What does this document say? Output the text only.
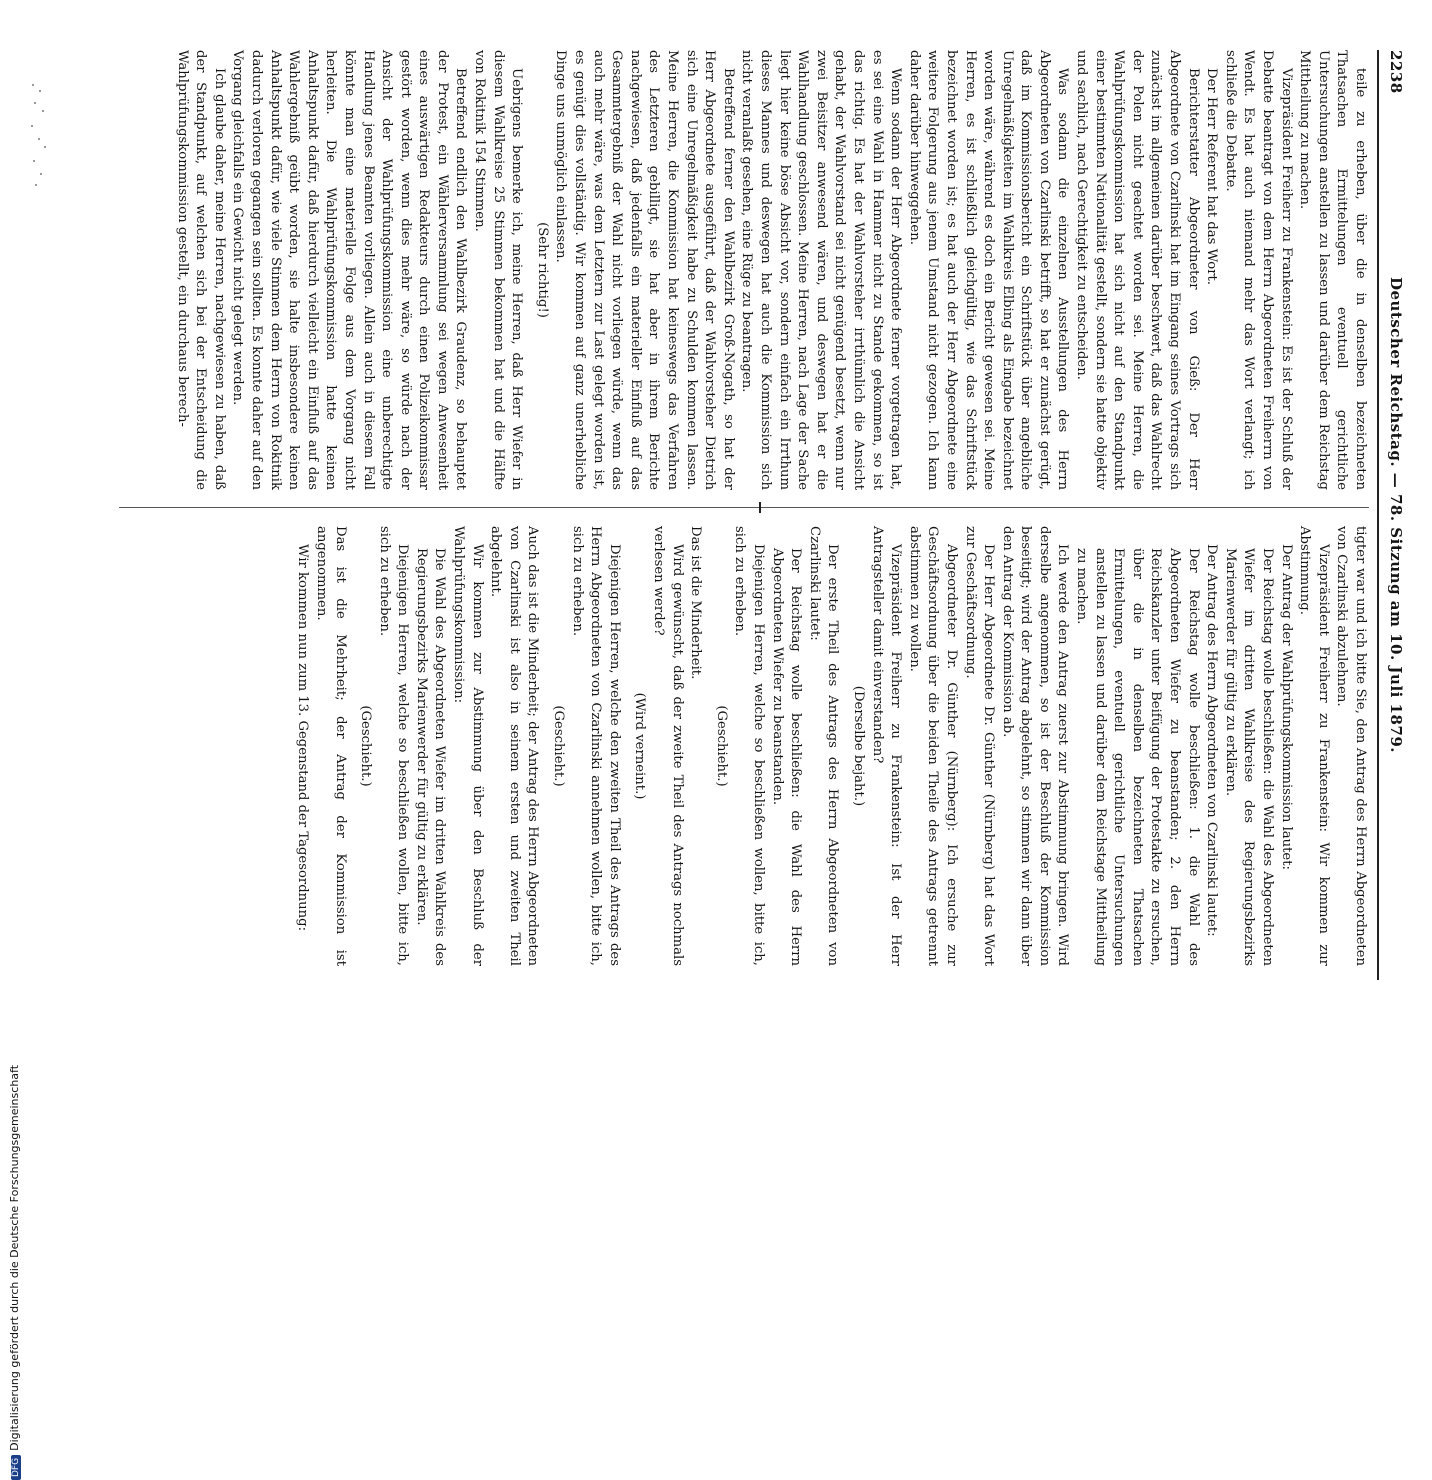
2238
Deutscher Reichstag. — 78. Sitzung am 10. Juli 1879.

teile zu erheben, über die in denselben bezeichneten Thatsachen Ermittelungen eventuell gerichtliche Untersuchungen anstellen zu lassen und darüber dem Reichstag Mittheilung zu machen.

Vizepräsident Freiherr zu Frankenstein: Es ist der Schluß der Debatte beantragt von dem Herrn Abgeordneten Freiherrn von Wendt. Es hat auch niemand mehr das Wort verlangt; ich schließe die Debatte.

Der Herr Referent hat das Wort.

Berichterstatter Abgeordneter von Gieß: Der Herr Abgeordnete von Czarlinski hat im Eingang seines Vortrags sich zunächst im allgemeinen darüber beschwert, daß das Wahlrecht der Polen nicht geachtet worden sei. Meine Herren, die Wahlprüfungskommission hat sich nicht auf den Standpunkt einer bestimmten Nationalität gestellt, sondern sie hatte objektiv und sachlich, nach Gerechtigkeit zu entscheiden.

Was sodann die einzelnen Ausstellungen des Herrn Abgeordneten von Czarlinski betrifft, so hat er zunächst gerügt, daß im Kommissionsbericht ein Schriftstück über angebliche Unregelmäßigkeiten im Wahlkreis Elbing als Eingabe bezeichnet worden wäre, während es doch ein Bericht gewesen sei. Meine Herren, es ist schließlich gleichgültig, wie das Schriftstück bezeichnet worden ist; es hat auch der Herr Abgeordnete eine weitere Folgerung aus jenem Umstand nicht gezogen. Ich kann daher darüber hinweggehen.

Wenn sodann der Herr Abgeordnete ferner vorgetragen hat, es sei eine Wahl in Hammer nicht zu Stande gekommen, so ist das richtig. Es hat der Wahlvorsteher irrthümlich die Ansicht gehabt, der Wahlvorstand sei nicht genügend besetzt, wenn nur zwei Beisitzer anwesend wären, und deswegen hat er die Wahlhandlung geschlossen. Meine Herren, nach Lage der Sache liegt hier keine böse Absicht vor, sondern einfach ein Irrthum dieses Mannes und deswegen hat auch die Kommission sich nicht veranlaßt gesehen, eine Rüge zu beantragen.

Betreffend ferner den Wahlbezirk Groß-Nogath, so hat der Herr Abgeordnete ausgeführt, daß der Wahlvorsteher Dietrich sich eine Unregelmäßigkeit habe zu Schulden kommen lassen. Meine Herren, die Kommission hat keineswegs das Verfahren des Letzteren gebilligt, sie hat aber in ihrem Berichte nachgewiesen, daß jedenfalls ein materieller Einfluß auf das Gesammtergebniß der Wahl nicht vorliegen würde, wenn das auch mehr wäre, was dem Letztern zur Last gelegt worden ist, es genügt dies vollständig. Wir kommen auf ganz unerhebliche Dinge uns unmöglich einlassen.

(Sehr richtig!)

Uebrigens bemerke ich, meine Herren, daß Herr Wiefer in diesem Wahlkreise 25 Stimmen bekommen hat und die Hälfte von Rokitnik 154 Stimmen.

Betreffend endlich den Wahlbezirk Graudenz, so behauptet der Protest, ein Wählerversammlung sei wegen Anwesenheit eines auswärtigen Redakteurs durch einen Polizeikommissar gestört worden, wenn dies mehr wäre, so würde nach der Ansicht der Wahlprüfungskommission eine unberechtigte Handlung jenes Beamten vorliegen. Allein auch in diesem Fall könnte man eine materielle Folge aus dem Vorgang nicht herleiten. Die Wahlprüfungskommission hatte keinen Anhaltspunkt dafür, daß hierdurch vielleicht ein Einfluß auf das Wahlergebniß geübt worden, sie halte insbesondere keinen Anhaltspunkt dafür, wie viele Stimmen dem Herrn von Rokitnik dadurch verloren gegangen sein sollten. Es konnte daher auf den Vorgang gleichfalls ein Gewicht nicht gelegt werden.

Ich glaube daher, meine Herren, nachgewiesen zu haben, daß der Standpunkt, auf welchen sich bei der Entscheidung die Wahlprüfungskommission gestellt, ein durchaus berech-

tigter war und ich bitte Sie, den Antrag des Herrn Abgeordneten von Czarlinski abzulehnen.

Vizepräsident Freiherr zu Frankenstein: Wir kommen zur Abstimmung.

Der Antrag der Wahlprüfungskommission lautet:

Der Reichstag wolle beschließen: die Wahl des Abgeordneten Wiefer im dritten Wahlkreise des Regierungsbezirks Marienwerder für gültig zu erklären.

Der Antrag des Herrn Abgeordneten von Czarlinski lautet:

Der Reichstag wolle beschließen: 1. die Wahl des Abgeordneten Wiefer zu beanstanden; 2. den Herrn Reichskanzler unter Beifügung der Protestakte zu ersuchen, über die in denselben bezeichneten Thatsachen Ermittelungen, eventuell gerichtliche Untersuchungen anstellen zu lassen und darüber dem Reichstage Mittheilung zu machen.

Ich werde den Antrag zuerst zur Abstimmung bringen. Wird derselbe angenommen, so ist der Beschluß der Kommission beseitigt; wird der Antrag abgelehnt, so stimmen wir dann über den Antrag der Kommission ab.

Der Herr Abgeordnete Dr. Günther (Nürnberg) hat das Wort zur Geschäftsordnung.

Abgeordneter Dr. Günther (Nürnberg): Ich ersuche zur Geschäftsordnung über die beiden Theile des Antrags getrennt abstimmen zu wollen.

Vizepräsident Freiherr zu Frankenstein: Ist der Herr Antragsteller damit einverstanden?

(Derselbe bejaht.)

Der erste Theil des Antrags des Herrn Abgeordneten von Czarlinski lautet:

Der Reichstag wolle beschließen: die Wahl des Herrn Abgeordneten Wiefer zu beanstanden.

Diejenigen Herren, welche so beschließen wollen, bitte ich, sich zu erheben.

(Geschieht.)

Das ist die Minderheit.

Wird gewünscht, daß der zweite Theil des Antrags nochmals verlesen werde?

(Wird verneint.)

Diejenigen Herren, welche den zweiten Theil des Antrags des Herrn Abgeordneten von Czarlinski annehmen wollen, bitte ich, sich zu erheben.

(Geschieht.)

Auch das ist die Minderheit; der Antrag des Herrn Abgeordneten von Czarlinski ist also in seinem ersten und zweiten Theil abgelehnt.

Wir kommen zur Abstimmung über den Beschluß der Wahlprüfungskommission:

Die Wahl des Abgeordneten Wiefer im dritten Wahlkreis des Regierungsbezirks Marienwerder für gültig zu erklären.

Diejenigen Herren, welche so beschließen wollen, bitte ich, sich zu erheben.

(Geschieht.)

Das ist die Mehrheit; der Antrag der Kommission ist angenommen.

Wir kommen nun zum 13. Gegenstand der Tagesordnung:

DFGDigitalisierung gefördert durch die Deutsche Forschungsgemeinschaft
